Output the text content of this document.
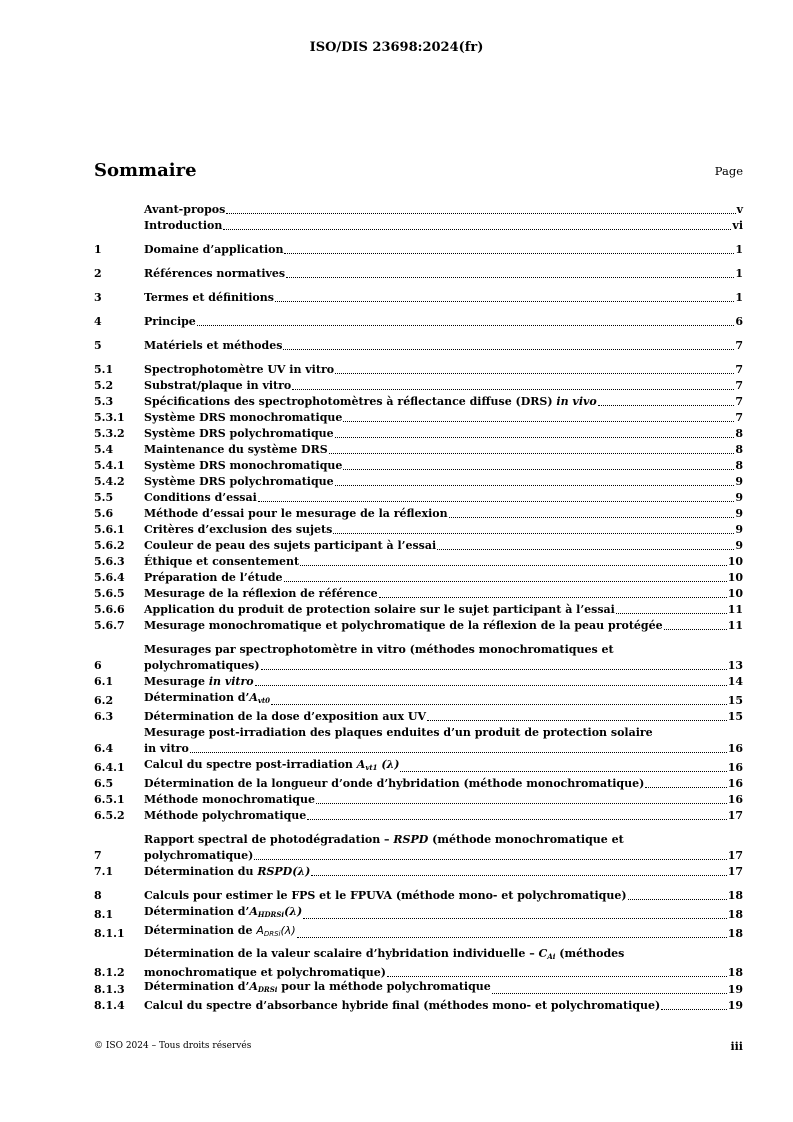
ISO/DIS 23698:2024(fr)
Sommaire	Page
Avant-propos	v
Introduction	vi
1	Domaine d’application	1
2	Références normatives	1
3	Termes et définitions	1
4	Principe	6
5	Matériels et méthodes	7
5.1	Spectrophotomètre UV in vitro	7
5.2	Substrat/plaque in vitro	7
5.3	Spécifications des spectrophotomètres à réflectance diffuse (DRS) in vivo	7
5.3.1	Système DRS monochromatique	7
5.3.2	Système DRS polychromatique	8
5.4	Maintenance du système DRS	8
5.4.1	Système DRS monochromatique	8
5.4.2	Système DRS polychromatique	9
5.5	Conditions d’essai	9
5.6	Méthode d’essai pour le mesurage de la réflexion	9
5.6.1	Critères d’exclusion des sujets	9
5.6.2	Couleur de peau des sujets participant à l’essai	9
5.6.3	Éthique et consentement	10
5.6.4	Préparation de l’étude	10
5.6.5	Mesurage de la réflexion de référence	10
5.6.6	Application du produit de protection solaire sur le sujet participant à l’essai	11
5.6.7	Mesurage monochromatique et polychromatique de la réflexion de la peau protégée	11
6
Mesurages par spectrophotomètre in vitro (méthodes monochromatiques et
polychromatiques)	13
6.1	Mesurage in vitro	14
6.2	Détermination $d’A_{vt0}$	15
6.3	Détermination de la dose d’exposition aux UV	15
6.4
Mesurage post-irradiation des plaques enduites d’un produit de protection solaire
in vitro	16
6.4.1	Calcul du spectre post-irradiation $A_{vt1}$ (λ)	16
6.5	Détermination de la longueur d’onde d’hybridation (méthode monochromatique)	16
6.5.1	Méthode monochromatique	16
6.5.2	Méthode polychromatique	17
7
Rapport spectral de photodégradation – RSPD (méthode monochromatique et
polychromatique)	17
7.1	Détermination du RSPD(λ)	17
8	Calculs pour estimer le FPS et le FPUVA (méthode mono- et polychromatique)	18
8.1	Détermination $d’A_{HDRSi}(\lambda)$	18
8.1.1	Détermination de $A_{DRSi}(\lambda)$	18
8.1.2
Détermination de la valeur scalaire d’hybridation individuelle – $C_{Ai}$ (méthodes
monochromatique et polychromatique)	18
8.1.3	Détermination $d’A_{DRSi}$ pour la méthode polychromatique	19
8.1.4	Calcul du spectre d’absorbance hybride final (méthodes mono- et polychromatique)	19
© ISO 2024 – Tous droits réservés	iii
